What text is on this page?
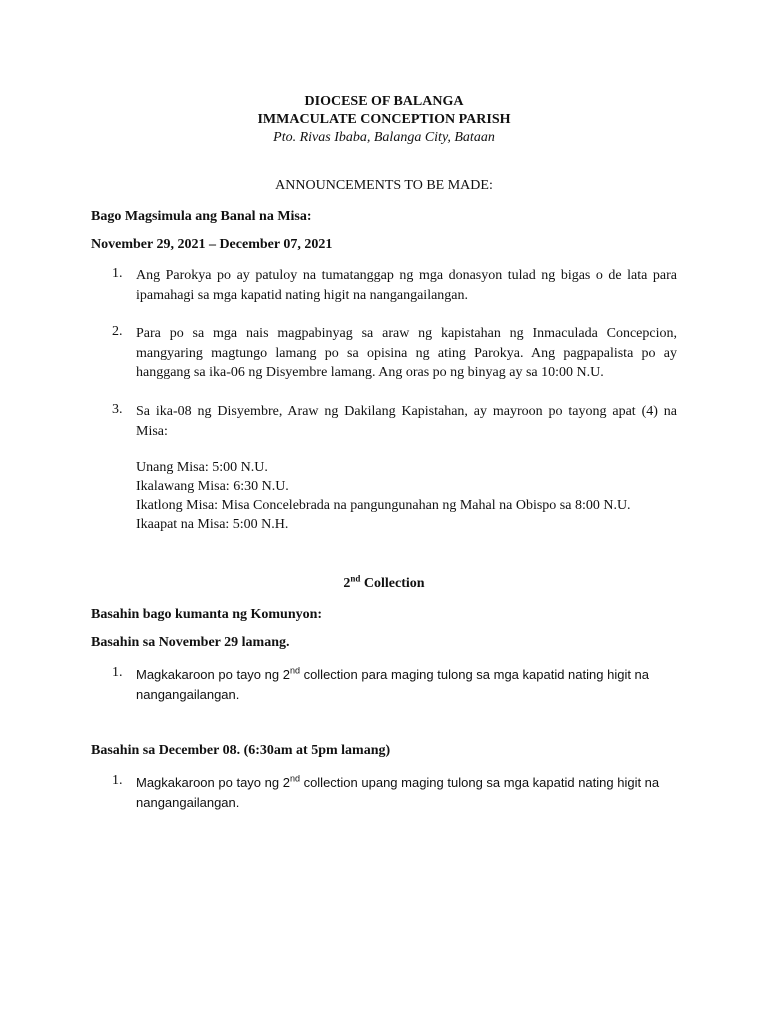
DIOCESE OF BALANGA
IMMACULATE CONCEPTION PARISH
Pto. Rivas Ibaba, Balanga City, Bataan
ANNOUNCEMENTS TO BE MADE:
Bago Magsimula ang Banal na Misa:
November 29, 2021 – December 07, 2021
1. Ang Parokya po ay patuloy na tumatanggap ng mga donasyon tulad ng bigas o de lata para ipamahagi sa mga kapatid nating higit na nangangailangan.
2. Para po sa mga nais magpabinyag sa araw ng kapistahan ng Inmaculada Concepcion, mangyaring magtungo lamang po sa opisina ng ating Parokya. Ang pagpapalista po ay hanggang sa ika-06 ng Disyembre lamang. Ang oras po ng binyag ay sa 10:00 N.U.
3. Sa ika-08 ng Disyembre, Araw ng Dakilang Kapistahan, ay mayroon po tayong apat (4) na Misa:
Unang Misa: 5:00 N.U.
Ikalawang Misa: 6:30 N.U.
Ikatlong Misa: Misa Concelebrada na pangungunahan ng Mahal na Obispo sa 8:00 N.U.
Ikaapat na Misa: 5:00 N.H.
2nd Collection
Basahin bago kumanta ng Komunyon:
Basahin sa November 29 lamang.
1. Magkakaroon po tayo ng 2nd collection para maging tulong sa mga kapatid nating higit na nangangailangan.
Basahin sa December 08. (6:30am at 5pm lamang)
1. Magkakaroon po tayo ng 2nd collection upang maging tulong sa mga kapatid nating higit na nangangailangan.
